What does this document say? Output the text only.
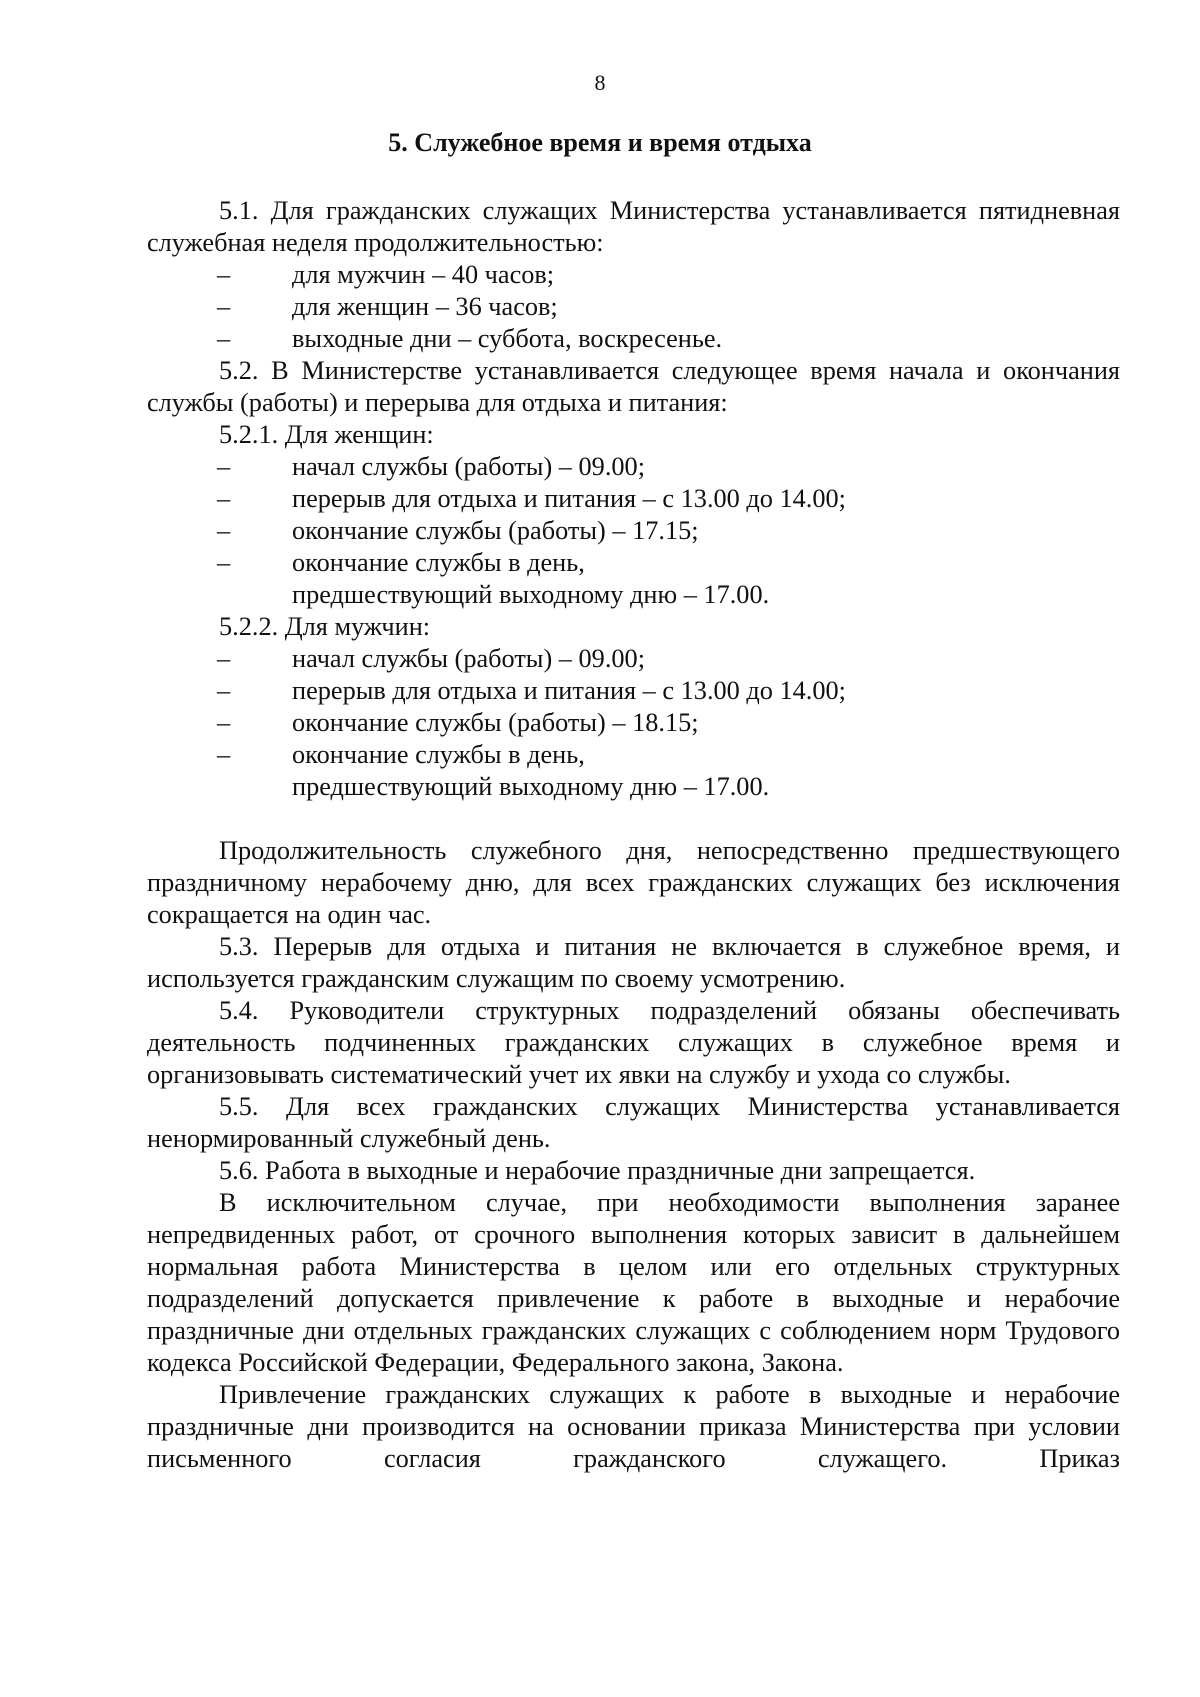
8
5. Служебное время и время отдыха

5.1. Для гражданских служащих Министерства устанавливается пятидневная служебная неделя продолжительностью:

– для мужчин – 40 часов;

– для женщин – 36 часов;

– выходные дни – суббота, воскресенье.

5.2. В Министерстве устанавливается следующее время начала и окончания службы (работы) и перерыва для отдыха и питания:

5.2.1. Для женщин:

– начал службы (работы) – 09.00;

– перерыв для отдыха и питания – с 13.00 до 14.00;

– окончание службы (работы) – 17.15;

– окончание службы в день,

предшествующий выходному дню – 17.00.

5.2.2. Для мужчин:

– начал службы (работы) – 09.00;

– перерыв для отдыха и питания – с 13.00 до 14.00;

– окончание службы (работы) – 18.15;

– окончание службы в день,

предшествующий выходному дню – 17.00.

Продолжительность служебного дня, непосредственно предшествующего праздничному нерабочему дню, для всех гражданских служащих без исключения сокращается на один час.

5.3. Перерыв для отдыха и питания не включается в служебное время, и используется гражданским служащим по своему усмотрению.

5.4. Руководители структурных подразделений обязаны обеспечивать деятельность подчиненных гражданских служащих в служебное время и организовывать систематический учет их явки на службу и ухода со службы.

5.5. Для всех гражданских служащих Министерства устанавливается ненормированный служебный день.

5.6. Работа в выходные и нерабочие праздничные дни запрещается.

В исключительном случае, при необходимости выполнения заранее непредвиденных работ, от срочного выполнения которых зависит в дальнейшем нормальная работа Министерства в целом или его отдельных структурных подразделений допускается привлечение к работе в выходные и нерабочие праздничные дни отдельных гражданских служащих с соблюдением норм Трудового кодекса Российской Федерации, Федерального закона, Закона.

Привлечение гражданских служащих к работе в выходные и нерабочие праздничные дни производится на основании приказа Министерства при условии письменного согласия гражданского служащего. Приказ
